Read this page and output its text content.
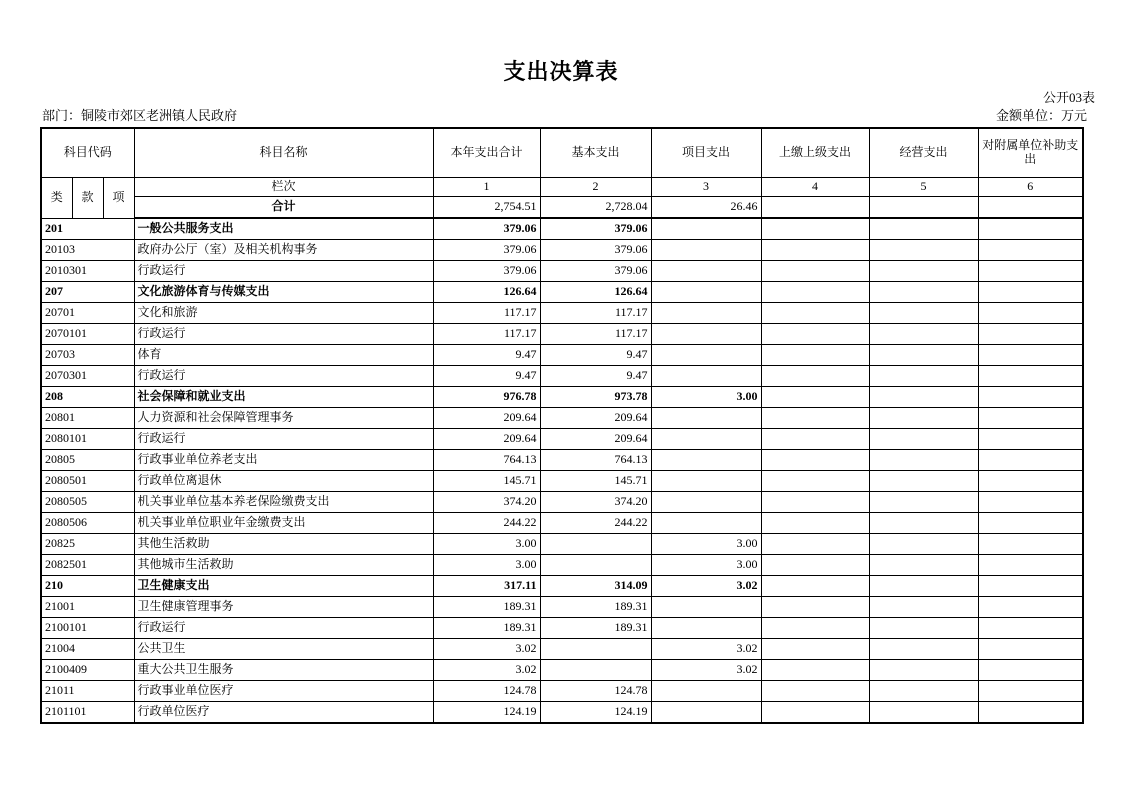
支出决算表
公开03表
部门：铜陵市郊区老洲镇人民政府	金额单位：万元
科目代码			科目名称	本年支出合计	基本支出	项目支出	上缴上级支出	经营支出	对附属单位补助支出
类	款	项	栏次	1	2	3	4	5	6
			合计	2,754.51	2,728.04	26.46			
201			一般公共服务支出	379.06	379.06				
20103			政府办公厅（室）及相关机构事务	379.06	379.06				
2010301			行政运行	379.06	379.06				
207			文化旅游体育与传媒支出	126.64	126.64				
20701			文化和旅游	117.17	117.17				
2070101			行政运行	117.17	117.17				
20703			体育	9.47	9.47				
2070301			行政运行	9.47	9.47				
208			社会保障和就业支出	976.78	973.78	3.00			
20801			人力资源和社会保障管理事务	209.64	209.64				
2080101			行政运行	209.64	209.64				
20805			行政事业单位养老支出	764.13	764.13				
2080501			行政单位离退休	145.71	145.71				
2080505			机关事业单位基本养老保险缴费支出	374.20	374.20				
2080506			机关事业单位职业年金缴费支出	244.22	244.22				
20825			其他生活救助	3.00		3.00			
2082501			其他城市生活救助	3.00		3.00			
210			卫生健康支出	317.11	314.09	3.02			
21001			卫生健康管理事务	189.31	189.31				
2100101			行政运行	189.31	189.31				
21004			公共卫生	3.02		3.02			
2100409			重大公共卫生服务	3.02		3.02			
21011			行政事业单位医疗	124.78	124.78				
2101101			行政单位医疗	124.19	124.19				
